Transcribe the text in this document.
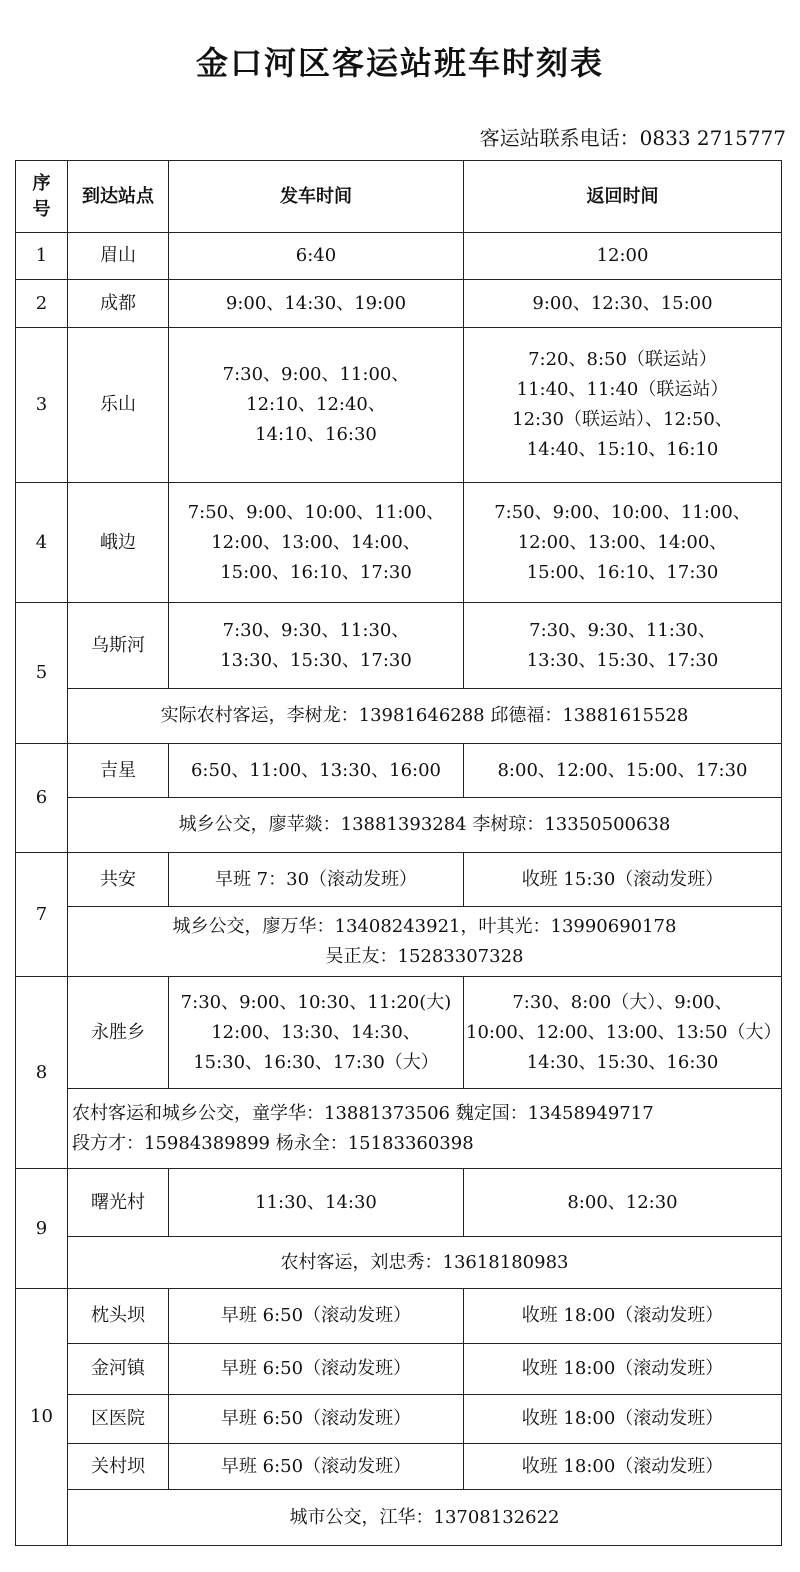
金口河区客运站班车时刻表
客运站联系电话：0833 2715777
序
号	到达站点	发车时间	返回时间
1	眉山	6:40	12:00

2	成都	9:00、14:30、19:00	9:00、12:30、15:00

3	乐山	7:30、9:00、11:00、
12:10、12:40、
14:10、16:30	7:20、8:50（联运站）
11:40、11:40（联运站）
12:30（联运站）、12:50、
14:40、15:10、16:10

4	峨边	7:50、9:00、10:00、11:00、
12:00、13:00、14:00、
15:00、16:10、17:30	7:50、9:00、10:00、11:00、
12:00、13:00、14:00、
15:00、16:10、17:30

5	乌斯河	7:30、9:30、11:30、
13:30、15:30、17:30	7:30、9:30、11:30、
13:30、15:30、17:30

	实际农村客运，李树龙：13981646288 邱德福：13881615528		

6	吉星	6:50、11:00、13:30、16:00	8:00、12:00、15:00、17:30

	城乡公交，廖苹燚：13881393284 李树琼：13350500638		

7	共安	早班 7：30（滚动发班）	收班 15:30（滚动发班）

	城乡公交，廖万华：13408243921，叶其光：13990690178
吴正友：15283307328		

8	永胜乡	7:30、9:00、10:30、11:20(大)
12:00、13:30、14:30、
15:30、16:30、17:30（大）	7:30、8:00（大）、9:00、
10:00、12:00、13:00、13:50（大）
14:30、15:30、16:30

	农村客运和城乡公交，童学华：13881373506 魏定国：13458949717
段方才：15984389899 杨永全：15183360398		

9	曙光村	11:30、14:30	8:00、12:30

	农村客运，刘忠秀：13618180983		

10	枕头坝	早班 6:50（滚动发班）	收班 18:00（滚动发班）
	金河镇	早班 6:50（滚动发班）	收班 18:00（滚动发班）
	区医院	早班 6:50（滚动发班）	收班 18:00（滚动发班）
	关村坝	早班 6:50（滚动发班）	收班 18:00（滚动发班）

	城市公交，江华：13708132622		
